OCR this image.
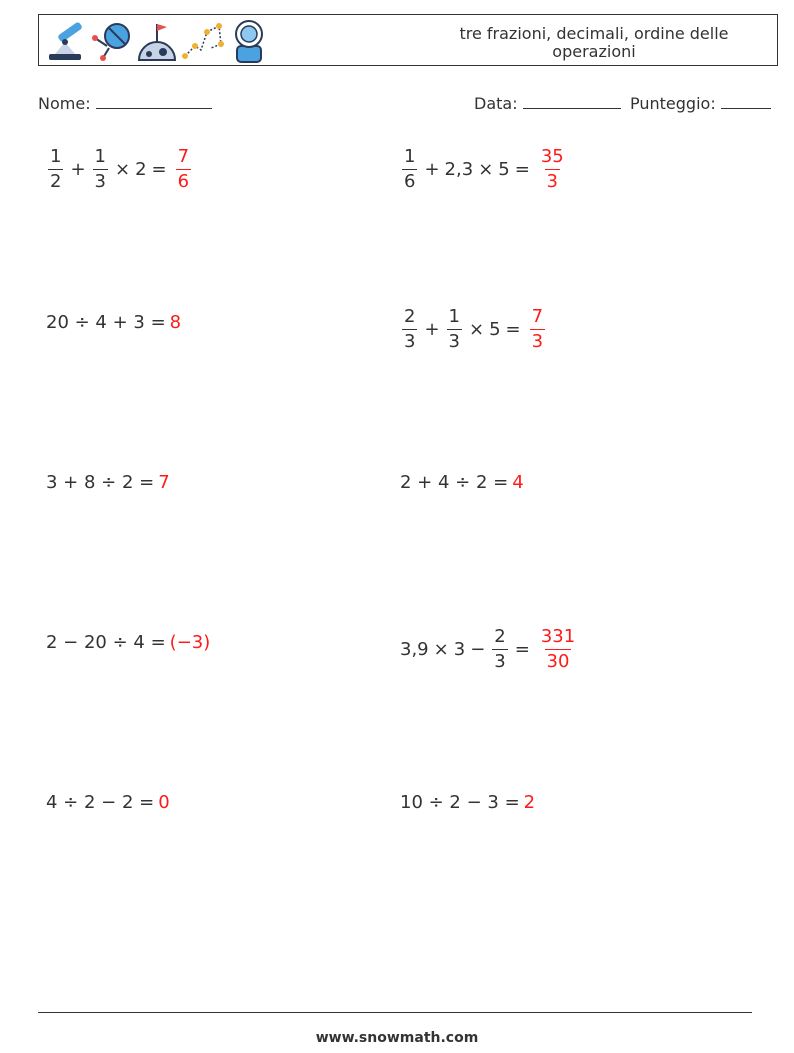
tre frazioni, decimali, ordine delle
operazioni
Nome:	Data:	Punteggio:
$\frac{1}{2} + \frac{1}{3} \times 2 = \frac{7}{6}$	$\frac{1}{6} + 2,3 \times 5 = \frac{35}{3}$
20 ÷ 4 + 3 = 8	$\frac{2}{3} + \frac{1}{3} \times 5 = \frac{7}{3}$
3 + 8 ÷ 2 = 7	2 + 4 ÷ 2 = 4
2 − 20 ÷ 4 = (−3)	$3,9 \times 3 - \frac{2}{3} = \frac{331}{30}$
4 ÷ 2 − 2 = 0	10 ÷ 2 − 3 = 2
www.snowmath.com
